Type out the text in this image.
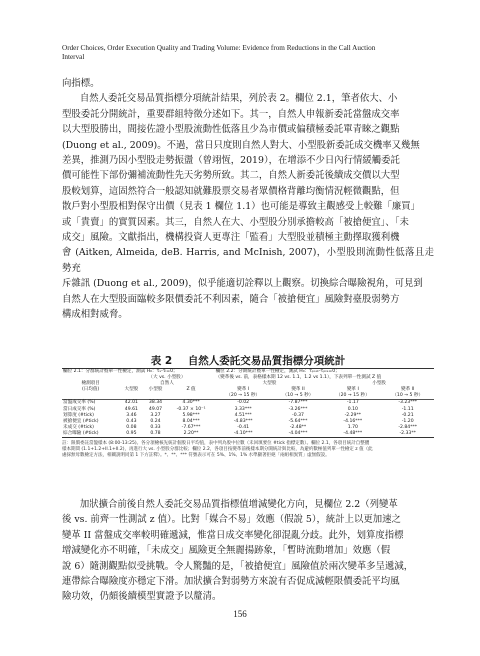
Order Choices, Order Execution Quality and Trading Volume: Evidence from Reductions in the Call Auction
Interval

向指標。

自然人委託交易品質指標分項統計結果，列於表 2。欄位 2.1，筆者依大、小

型股委託分開統計，重要群組特徵分述如下。其一，自然人申報新委託當盤成交率

以大型股勝出，間接佐證小型股流動性低落且少為市價或偏積極委託單青睞之觀點

(Duong et al., 2009)。不過，當日只度則自然人對大、小型股新委託成交機率又幾無

差異，推測乃因小型股走勢振盪（曾翊恆，2019），在增添不少日內行情緩觸委託

價可能性下部份彌補流動性先天劣勢所致。其二，自然人新委託後續成交價以大型

股較划算，這固然符合一般認知就難股票交易者眾價格背離均衡情況輕微觀點，但

散戶對小型股相對保守出價（見表 1 欄位 1.1）也可能是導致主觀感受上較難「廉買」

或「貴賣」的實質因素。其三，自然人在大、小型股分別承擔較高「被搶便宜」、「未

成交」風險。文獻指出，機構投資人更專注「監看」大型股並積極主動擇取獲利機

會 (Aitken, Almeida, deB. Harris, and McInish, 2007)，小型股則流動性低落且走勢充

斥雜訊 (Duong et al., 2009)，似乎能適切詮釋以上觀察。切換綜合曝險視角，可見到

自然人在大型股面臨較多限價委託不利因素，隨合「被搶便宜」風險對臺股弱勢方

構成相對威脅。

表 2 自然人委託交易品質指標分項統計
欄位 2.1：分群統計暨單一性檢定，測試 H₀：τ̂ₛ-τ̂ₗ=0；				欄位 2.2：分期統計暨單一性檢定，測試 H₀：τ̂ₚₒₛₜ-τ̂ₚᵣₑ=0；			
	（大 vs. 小型股）			（變革後 vs. 前，表格樣本期 12 vs. 1.1，1.2 vs 1.1），下表列單一性測試 Z 值			
檢測項目	自然人			大型股		小型股	
(日均值)	大型股	小型股	Z 值	變革 I	變革 II	變革 I	變革 II
				（20 → 15 秒）	（10 → 5 秒）	（20 → 15 秒）	（10 → 5 秒）
當盤成交率 (%)	42.01	38.34	4.30***	-0.02	-7.87***	-1.17	-3.23***
當日成交率 (%)	49.61	49.07	-0.37 × 10⁻¹	3.33***	-3.26***	0.10	-1.11
划算度 (#tick)	3.46	3.27	5.98***	4.51***	-0.37	-2.29**	-0.21
被搶便宜 (#tick)	0.43	0.24	8.04***	-4.83***	-5.64***	-4.16***	-1.20
未成交 (#tick)	0.08	0.33	-7.67***	-0.41	-2.48**	1.70	-2.84***
綜合曝險 (#tick)	0.95	0.78	2.20**	-4.10***	-4.04***	-4.48***	-2.33**
註：限價委託當盤樣本 (8:00-13:25)。各分項檢核先統計個股日平均值，表中列為股中位數（未回填要位 #tick 指標定數）。欄位 2.1，各項目統計自整體
樣本期間 (1.1+1.2+II.1+II.2)，再進行大 vs. 小型股分群比較；欄位 2.2，各項目按變革前後樣本期分開統計與比較，為避約數極值列單一性檢定 z 值（此
處採無母數檢定方法，相關說明同第 1 下方註釋）。*、**、*** 符號表示可在 5%、1%、1% 水準顯著拒絕「兩組相異質」虛無假設。

加狀擴合前後自然人委託交易品質指標值增減變化方向，見欄位 2.2（列變革

後 vs. 前齊一性測試 z 值）。比對「媒合不易」效應（假說 5），統計上以更加速之

變革 II 當盤成交率較明確遞減，惟當日成交率變化卻混亂分歧。此外，划算度指標

增減變化亦不明確，「未成交」風險更全無麗揚跡象，「暫時流動增加」效應（假

說 6）隨測觀點似受挑戰。令人驚豔的是，「被搶便宜」風險值於兩次變革多呈遞減，

連帶綜合曝險度亦穩定下滑。加狀擴合對弱勢方來說有否促成減輕限價委託平均風

險功效，仍頗後續模型實證予以釐清。

156
